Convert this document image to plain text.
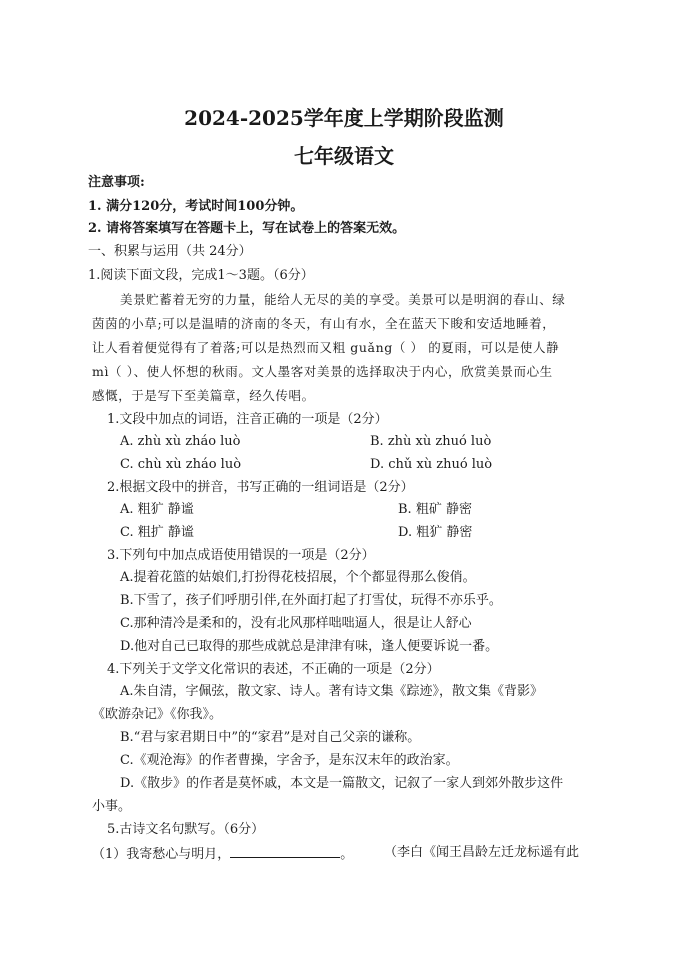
2024-2025学年度上学期阶段监测
七年级语文
注意事项:
1. 满分120分，考试时间100分钟。
2. 请将答案填写在答题卡上，写在试卷上的答案无效。
一、积累与运用（共 24分）
1.阅读下面文段，完成1～3题。（6分）
美景贮蓄着无穷的力量，能给人无尽的美的享受。美景可以是明润的春山、绿
茵茵的小草;可以是温晴的济南的冬天，有山有水，全在蓝天下睃和安适地睡着，
让人看着便觉得有了着落;可以是热烈而又粗 guǎng（ ） 的夏雨，可以是使人静
mì（ ）、使人怀想的秋雨。文人墨客对美景的选择取决于内心，欣赏美景而心生
感慨，于是写下至美篇章，经久传唱。
1.文段中加点的词语，注音正确的一项是（2分）
A. zhù xù zháo luò	B. zhù xù zhuó luò
C. chù xù zháo luò	D. chǔ xù zhuó luò
2.根据文段中的拼音，书写正确的一组词语是（2分）
A. 粗犷 静谧	B. 粗矿 静密
C. 粗扩 静谧	D. 粗犷 静密
3.下列句中加点成语使用错误的一项是（2分）
A.提着花篮的姑娘们,打扮得花枝招展，个个都显得那么俊俏。
B.下雪了，孩子们呼朋引伴,在外面打起了打雪仗，玩得不亦乐乎。
C.那种清冷是柔和的，没有北风那样咄咄逼人，很是让人舒心
D.他对自己已取得的那些成就总是津津有味，逢人便要诉说一番。
4.下列关于文学文化常识的表述，不正确的一项是（2分）
A.朱自清，字佩弦，散文家、诗人。著有诗文集《踪迹》，散文集《背影》
《欧游杂记》《你我》。
B.“君与家君期日中”的“家君”是对自己父亲的谦称。
C.《观沧海》的作者曹操，字舍予，是东汉末年的政治家。
D.《散步》的作者是莫怀戚，本文是一篇散文，记叙了一家人到郊外散步这件
小事。
5.古诗文名句默写。（6分）
（1）我寄愁心与明月，	。 （李白《闻王昌龄左迁龙标遥有此
